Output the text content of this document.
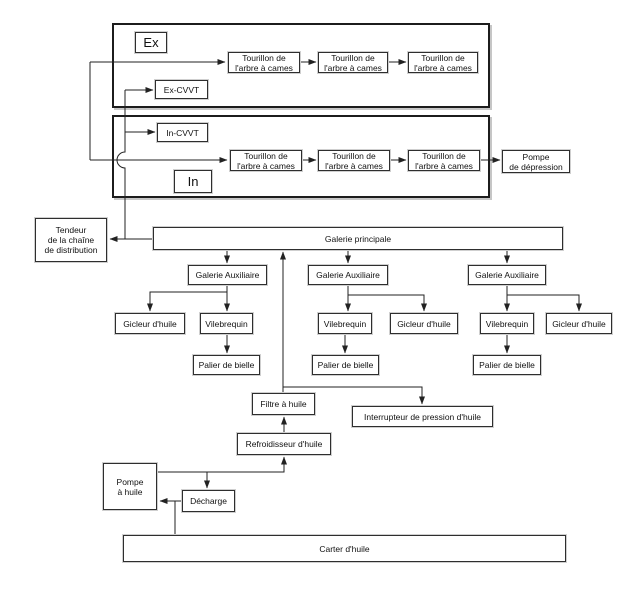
Ex
Tourillon de
l'arbre à cames
Tourillon de
l'arbre à cames
Tourillon de
l'arbre à cames
Ex-CVVT
In-CVVT
Tourillon de
l'arbre à cames
Tourillon de
l'arbre à cames
Tourillon de
l'arbre à cames
In
Pompe
de dépression
Tendeur
de la chaîne
de distribution
Galerie principale
Galerie Auxiliaire	Galerie Auxiliaire	Galerie Auxiliaire
Gicleur d'huile	Vilebrequin
Palier de bielle
Vilebrequin	Gicleur d'huile
Palier de bielle
Vilebrequin	Gicleur d'huile
Palier de bielle
Filtre à huile
Interrupteur de pression d'huile
Refroidisseur d'huile
Pompe
à huile
Décharge
Carter d'huile
